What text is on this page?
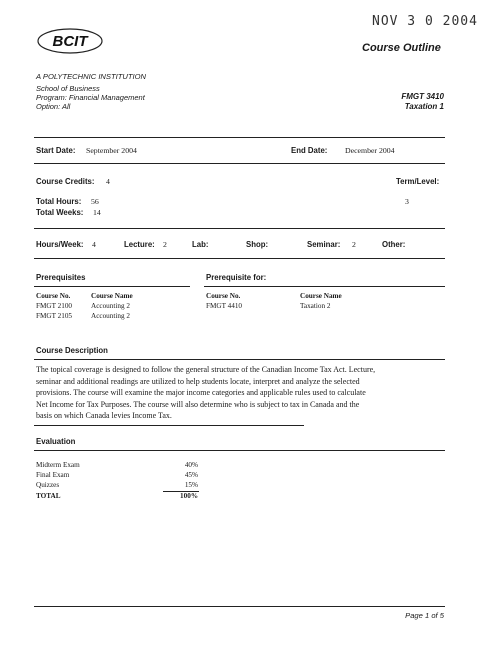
BCIT
NOV 3 0 2004
Course Outline
A POLYTECHNIC INSTITUTION
School of Business
Program: Financial Management
Option: All
FMGT 3410
Taxation 1
Start Date: September 2004	End Date: December 2004
Course Credits: 4	Term/Level:
3
Total Hours: 56
Total Weeks: 14
Hours/Week: 4	Lecture: 2	Lab:	Shop:	Seminar: 2	Other:
Prerequisites
Course No.	Course Name
FMGT 2100	Accounting 2
FMGT 2105	Accounting 2
Prerequisite for:
Course No.	Course Name
FMGT 4410	Taxation 2
Course Description
The topical coverage is designed to follow the general structure of the Canadian Income Tax Act. Lecture,
seminar and additional readings are utilized to help students locate, interpret and analyze the selected
provisions. The course will examine the major income categories and applicable rules used to calculate
Net Income for Tax Purposes. The course will also determine who is subject to tax in Canada and the
basis on which Canada levies Income Tax.
Evaluation
Midterm Exam	40%
Final Exam	45%
Quizzes	15%
TOTAL	100%
Page 1 of 5
